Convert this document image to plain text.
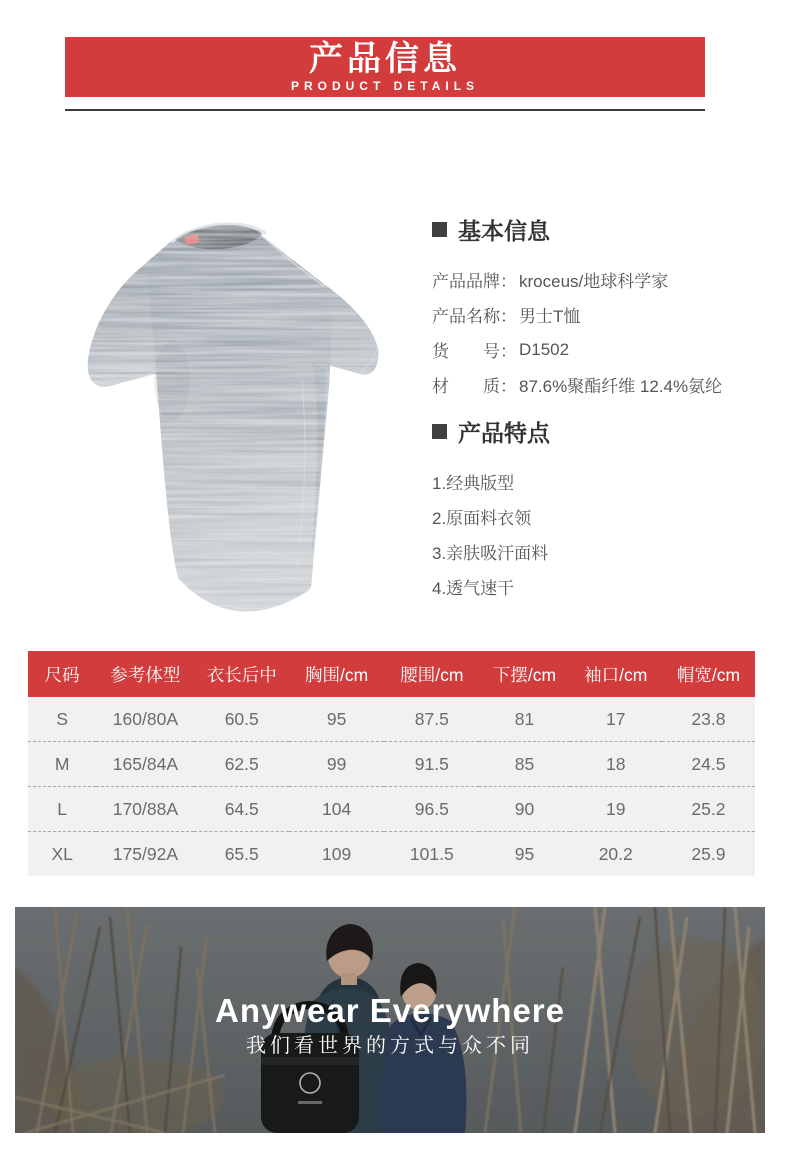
产品信息
PRODUCT DETAILS
基本信息
产品品牌： kroceus/地球科学家
产品名称： 男士T恤
货　　号： D1502
材　　质： 87.6%聚酯纤维 12.4%氨纶
产品特点
1.经典版型
2.原面料衣领
3.亲肤吸汗面料
4.透气速干
尺码	参考体型	衣长后中	胸围/cm	腰围/cm	下摆/cm	袖口/cm	帽宽/cm
S	160/80A	60.5	95	87.5	81	17	23.8
M	165/84A	62.5	99	91.5	85	18	24.5
L	170/88A	64.5	104	96.5	90	19	25.2
XL	175/92A	65.5	109	101.5	95	20.2	25.9
Anywear Everywhere
我们看世界的方式与众不同
